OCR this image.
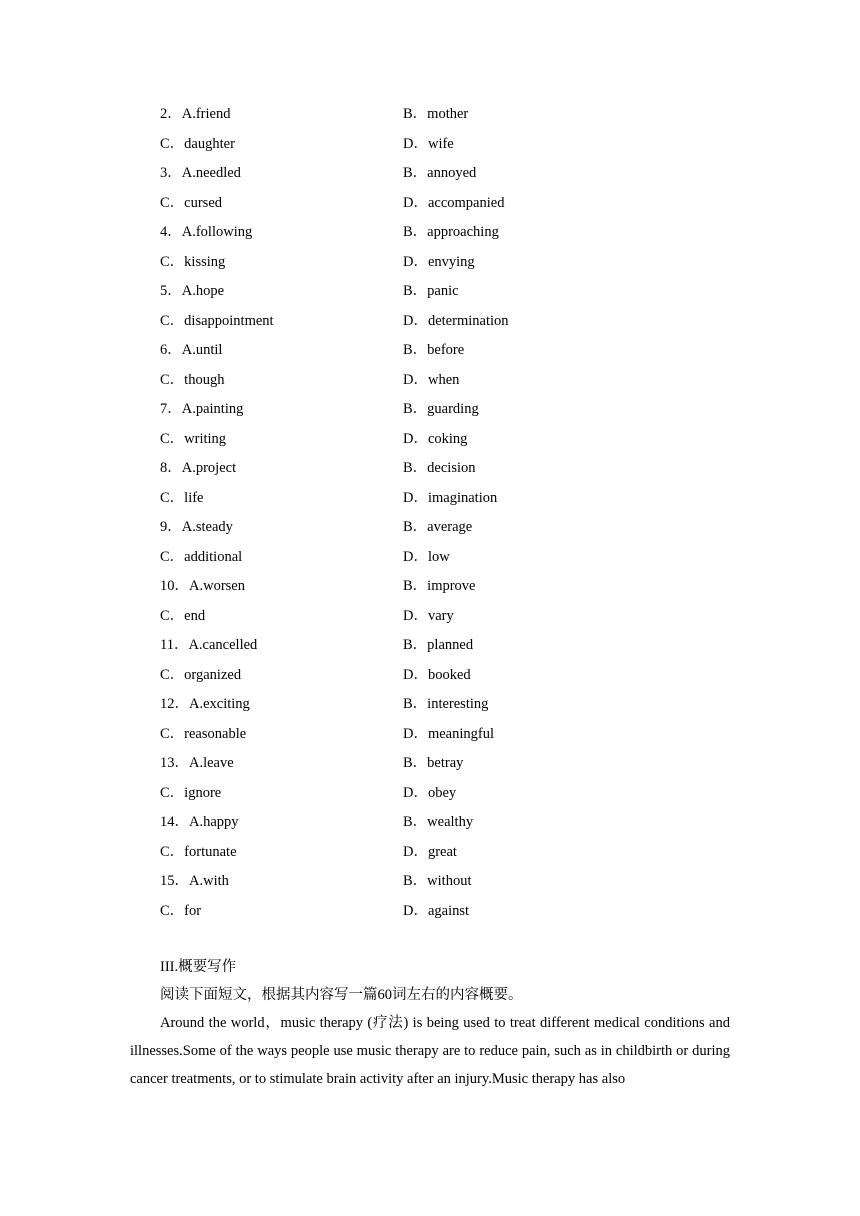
2．A.friend	B．mother
C．daughter	D．wife
3．A.needled	B．annoyed
C．cursed	D．accompanied
4．A.following	B．approaching
C．kissing	D．envying
5．A.hope	B．panic
C．disappointment	D．determination
6．A.until	B．before
C．though	D．when
7．A.painting	B．guarding
C．writing	D．coking
8．A.project	B．decision
C．life	D．imagination
9．A.steady	B．average
C．additional	D．low
10．A.worsen	B．improve
C．end	D．vary
11．A.cancelled	B．planned
C．organized	D．booked
12．A.exciting	B．interesting
C．reasonable	D．meaningful
13．A.leave	B．betray
C．ignore	D．obey
14．A.happy	B．wealthy
C．fortunate	D．great
15．A.with	B．without
C．for	D．against
III.概要写作
阅读下面短文，根据其内容写一篇60词左右的内容概要。

Around the world，music therapy (疗法) is being used to treat different medical conditions and illnesses.Some of the ways people use music therapy are to reduce pain, such as in childbirth or during cancer treatments, or to stimulate brain activity after an injury.Music therapy has also
